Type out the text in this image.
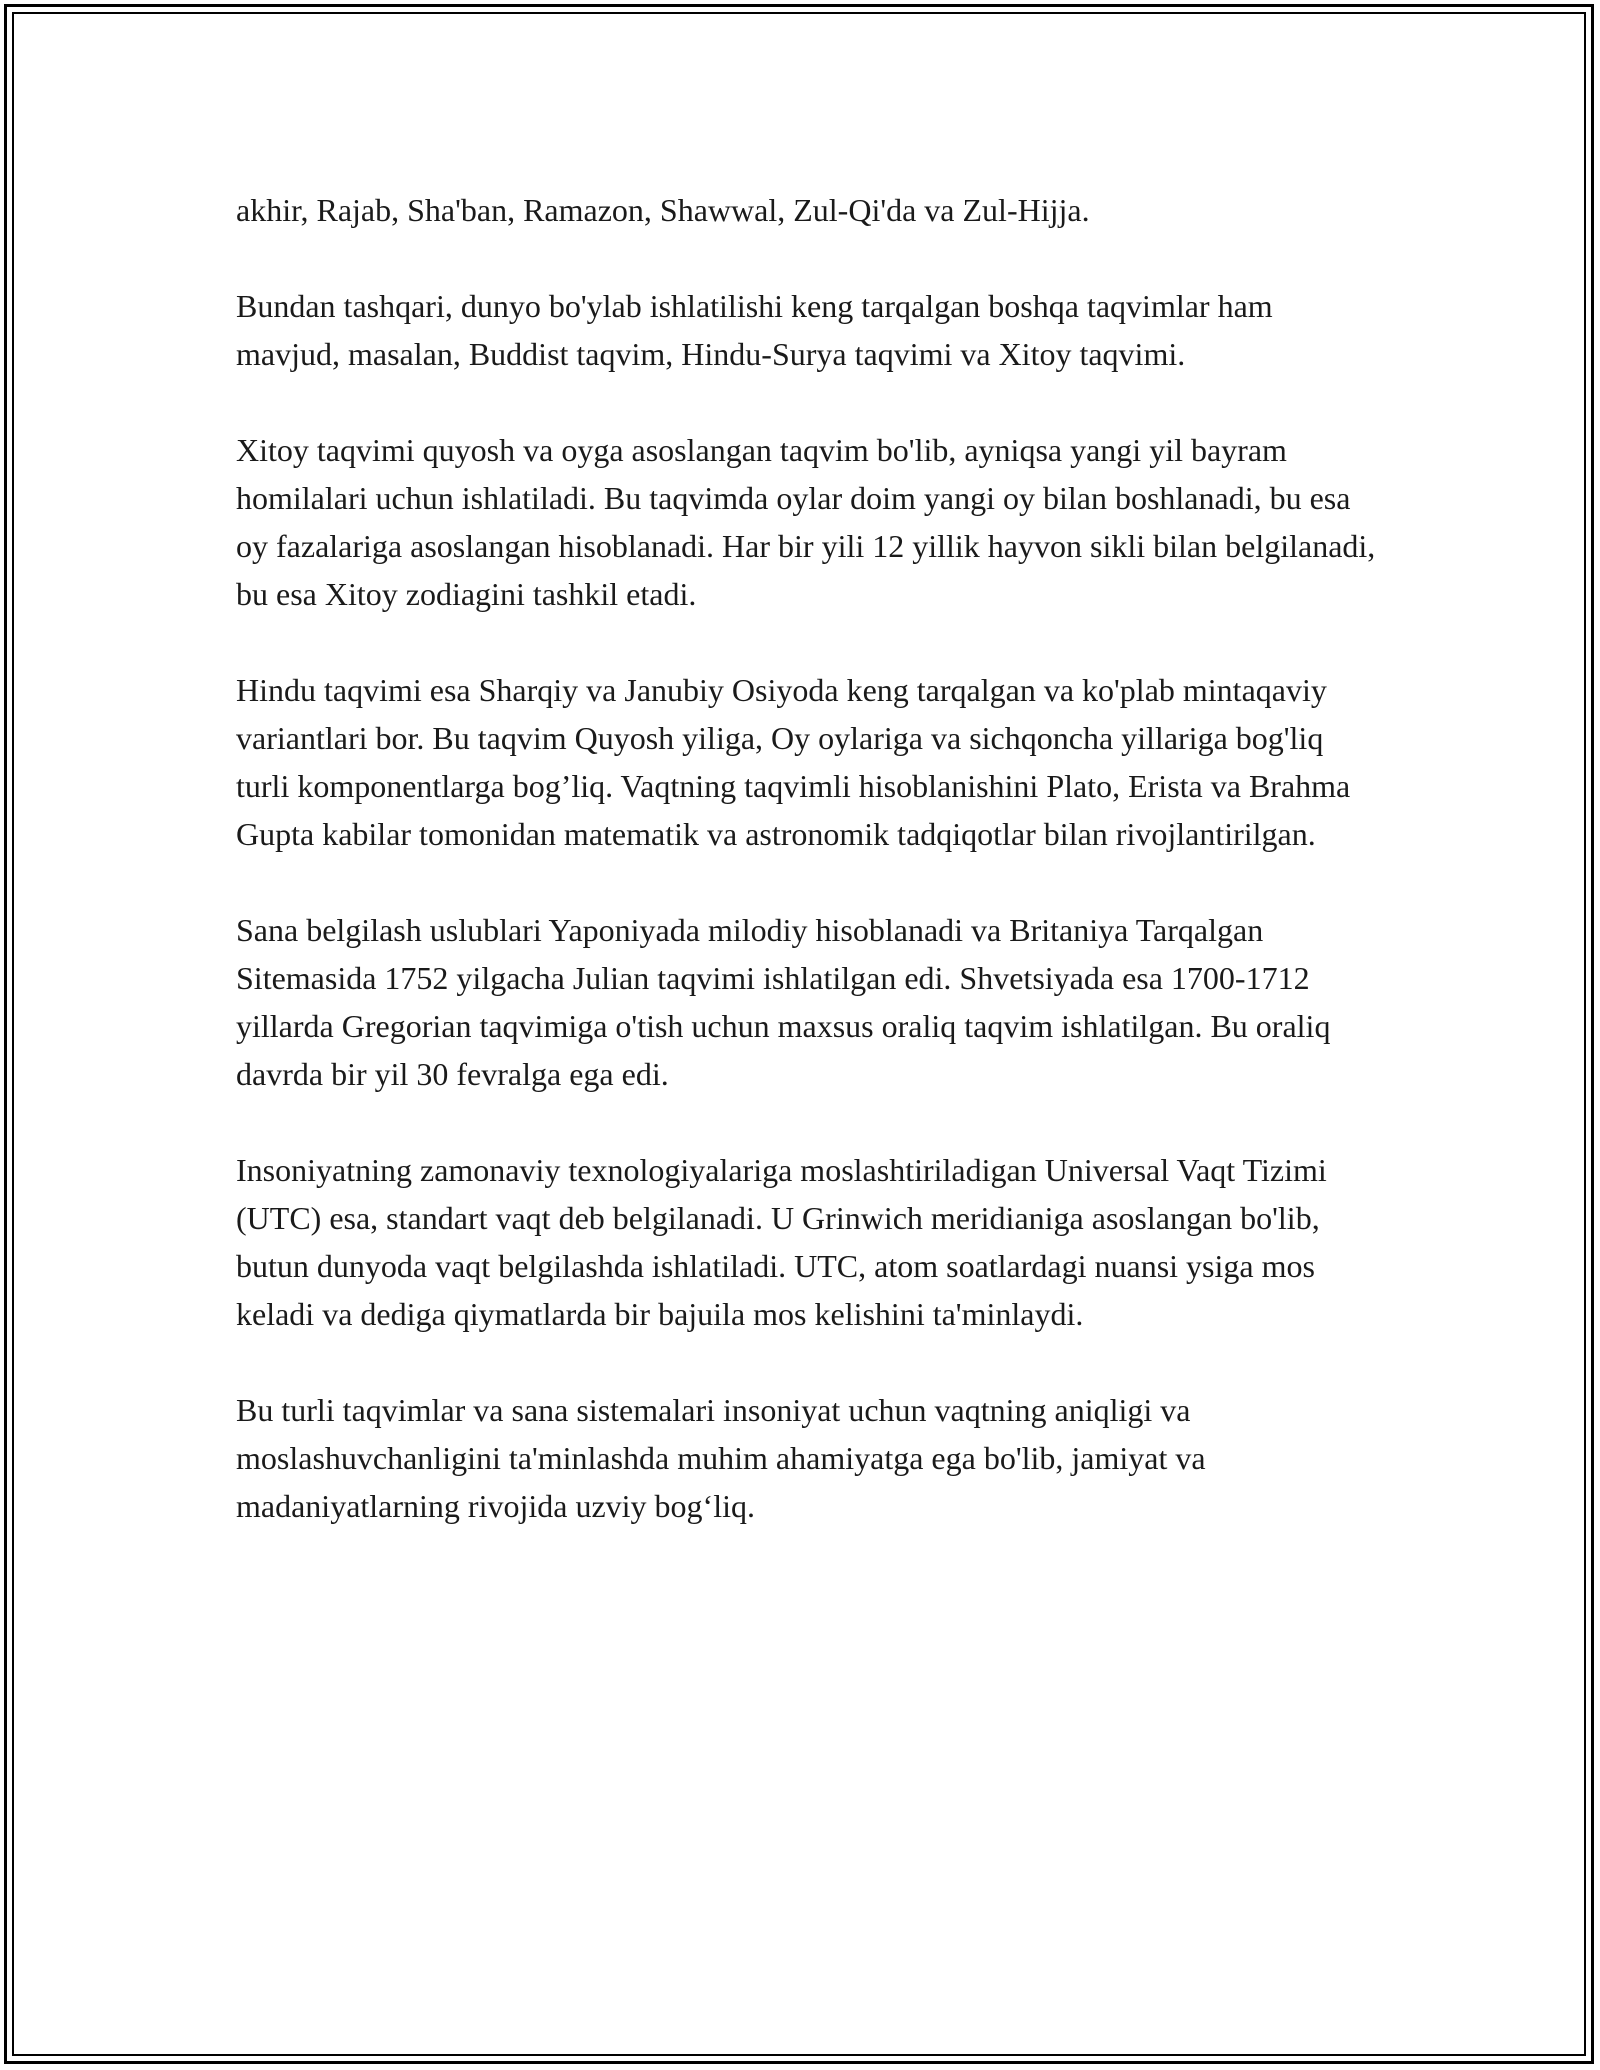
akhir, Rajab, Sha'ban, Ramazon, Shawwal, Zul-Qi'da va Zul-Hijja.

Bundan tashqari, dunyo bo'ylab ishlatilishi keng tarqalgan boshqa taqvimlar ham mavjud, masalan, Buddist taqvim, Hindu-Surya taqvimi va Xitoy taqvimi.

Xitoy taqvimi quyosh va oyga asoslangan taqvim bo'lib, ayniqsa yangi yil bayram homilalari uchun ishlatiladi. Bu taqvimda oylar doim yangi oy bilan boshlanadi, bu esa oy fazalariga asoslangan hisoblanadi. Har bir yili 12 yillik hayvon sikli bilan belgilanadi, bu esa Xitoy zodiagini tashkil etadi.

Hindu taqvimi esa Sharqiy va Janubiy Osiyoda keng tarqalgan va ko'plab mintaqaviy variantlari bor. Bu taqvim Quyosh yiliga, Oy oylariga va sichqoncha yillariga bog'liq turli komponentlarga bog’liq. Vaqtning taqvimli hisoblanishini Plato, Erista va Brahma Gupta kabilar tomonidan matematik va astronomik tadqiqotlar bilan rivojlantirilgan.

Sana belgilash uslublari Yaponiyada milodiy hisoblanadi va Britaniya Tarqalgan Sitemasida 1752 yilgacha Julian taqvimi ishlatilgan edi. Shvetsiyada esa 1700-1712 yillarda Gregorian taqvimiga o'tish uchun maxsus oraliq taqvim ishlatilgan. Bu oraliq davrda bir yil 30 fevralga ega edi.

Insoniyatning zamonaviy texnologiyalariga moslashtiriladigan Universal Vaqt Tizimi (UTC) esa, standart vaqt deb belgilanadi. U Grinwich meridianiga asoslangan bo'lib, butun dunyoda vaqt belgilashda ishlatiladi. UTC, atom soatlardagi nuansi ysiga mos keladi va dediga qiymatlarda bir bajuila mos kelishini ta'minlaydi.

Bu turli taqvimlar va sana sistemalari insoniyat uchun vaqtning aniqligi va moslashuvchanligini ta'minlashda muhim ahamiyatga ega bo'lib, jamiyat va madaniyatlarning rivojida uzviy bog‘liq.
